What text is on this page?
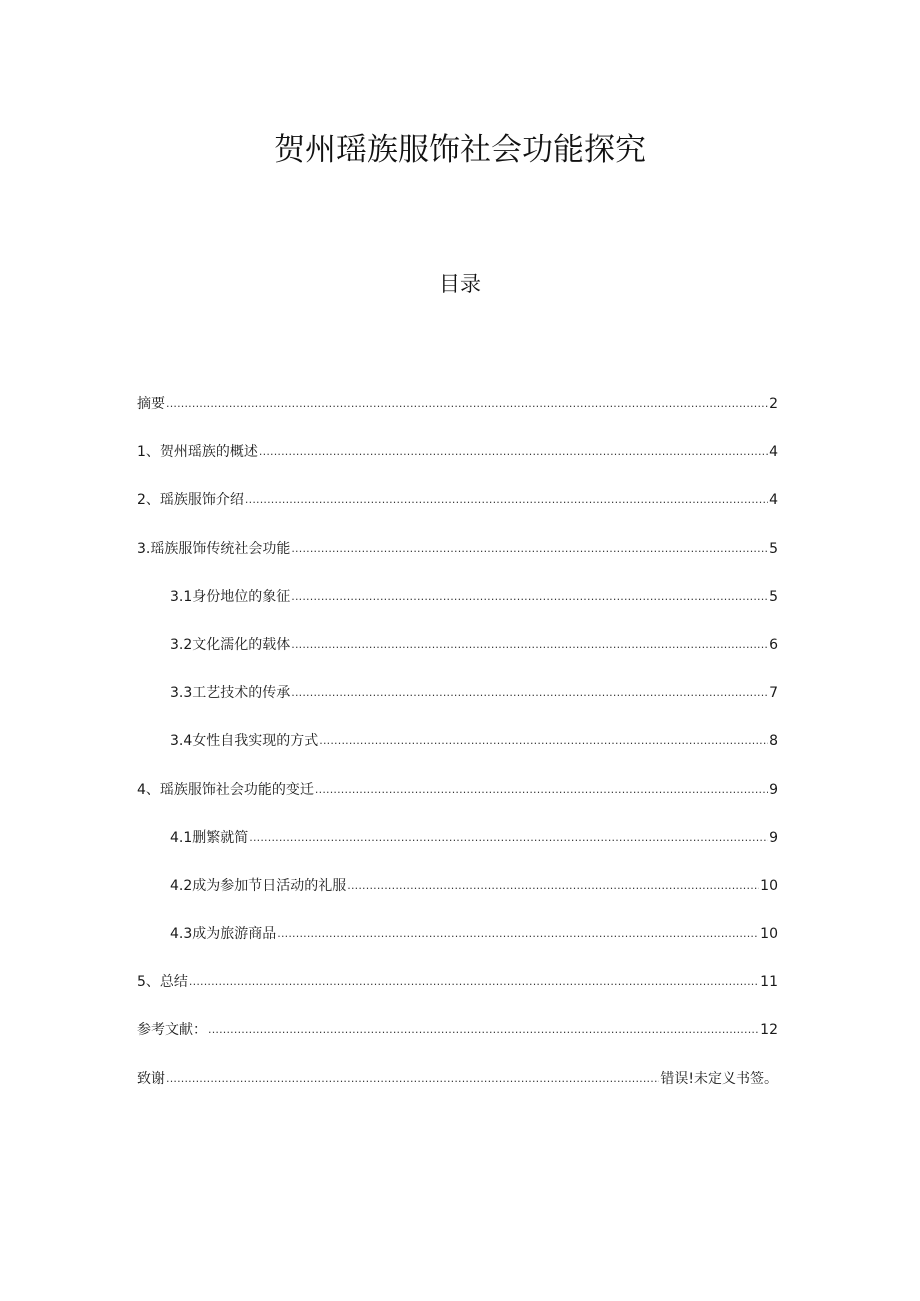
贺州瑶族服饰社会功能探究
目录
摘要 .....	2
1、 贺州瑶族的概述 .....	4
2、 瑶族服饰介绍 .....	4
3. 瑶族服饰传统社会功能 .....	5
3.1 身份地位的象征 .....	5
3.2 文化濡化的载体 .....	6
3.3 工艺技术的传承 .....	7
3.4 女性自我实现的方式 .....	8
4、 瑶族服饰社会功能的变迁 .....	9
4.1 删繁就简 .....	9
4.2 成为参加节日活动的礼服 .....	10
4.3 成为旅游商品 .....	10
5、 总结 .....	11
参考文献： .....	12
致谢 .....	错误!未定义书签。
